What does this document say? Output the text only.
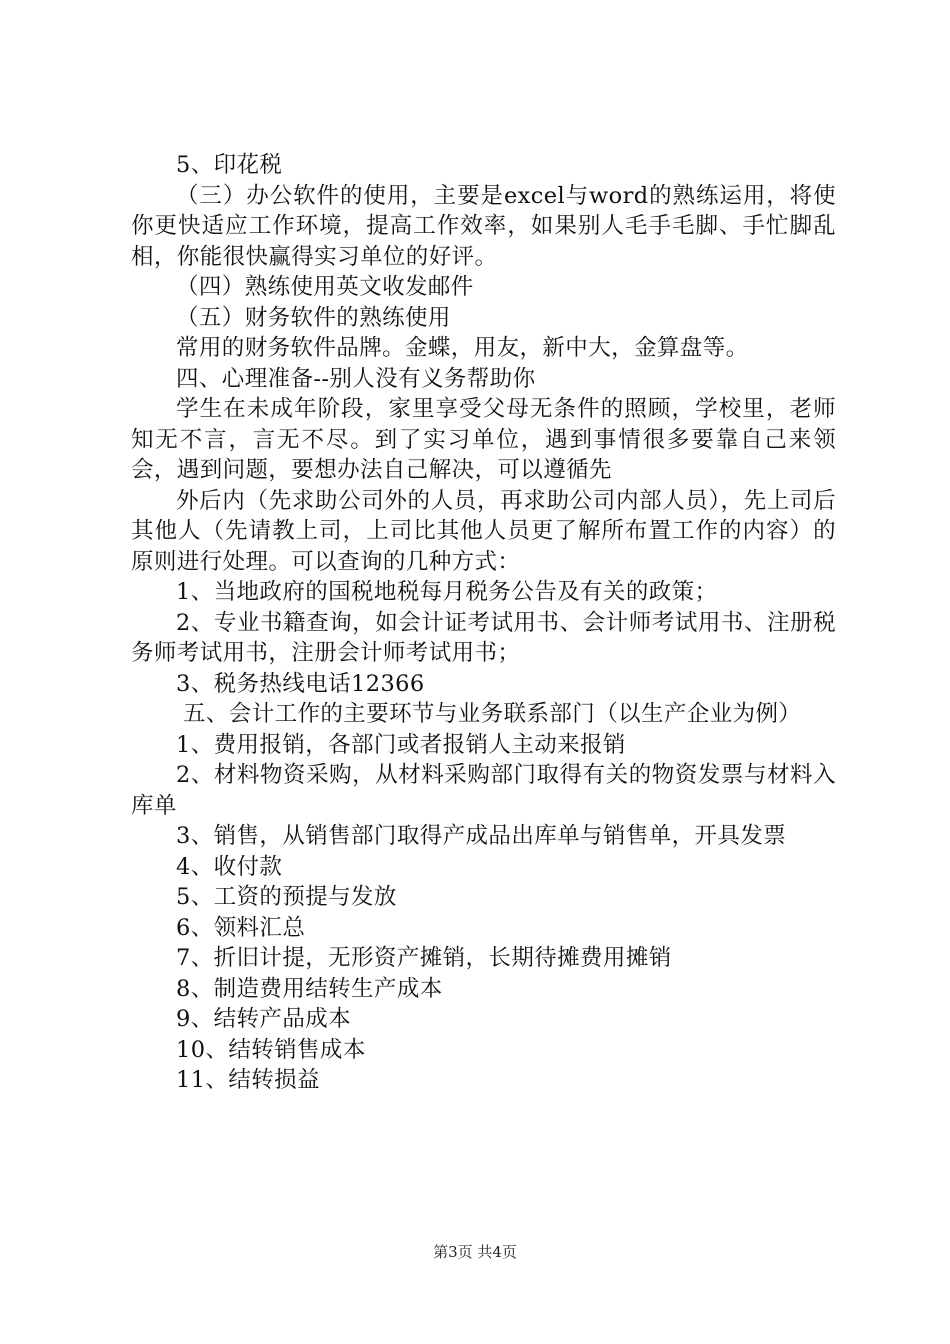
5、印花税

（三）办公软件的使用，主要是excel与word的熟练运用，将使你更快适应工作环境，提高工作效率，如果别人毛手毛脚、手忙脚乱相，你能很快赢得实习单位的好评。

（四）熟练使用英文收发邮件

（五）财务软件的熟练使用

常用的财务软件品牌。金蝶，用友，新中大，金算盘等。

四、心理准备--别人没有义务帮助你

学生在未成年阶段，家里享受父母无条件的照顾，学校里，老师知无不言，言无不尽。到了实习单位，遇到事情很多要靠自己来领会，遇到问题，要想办法自己解决，可以遵循先

外后内（先求助公司外的人员，再求助公司内部人员），先上司后其他人（先请教上司，上司比其他人员更了解所布置工作的内容）的原则进行处理。可以查询的几种方式：

1、当地政府的国税地税每月税务公告及有关的政策；

2、专业书籍查询，如会计证考试用书、会计师考试用书、注册税务师考试用书，注册会计师考试用书；

3、税务热线电话12366

五、会计工作的主要环节与业务联系部门（以生产企业为例）

1、费用报销，各部门或者报销人主动来报销

2、材料物资采购，从材料采购部门取得有关的物资发票与材料入库单

3、销售，从销售部门取得产成品出库单与销售单，开具发票

4、收付款

5、工资的预提与发放

6、领料汇总

7、折旧计提，无形资产摊销，长期待摊费用摊销

8、制造费用结转生产成本

9、结转产品成本

10、结转销售成本

11、结转损益

第3页 共4页
